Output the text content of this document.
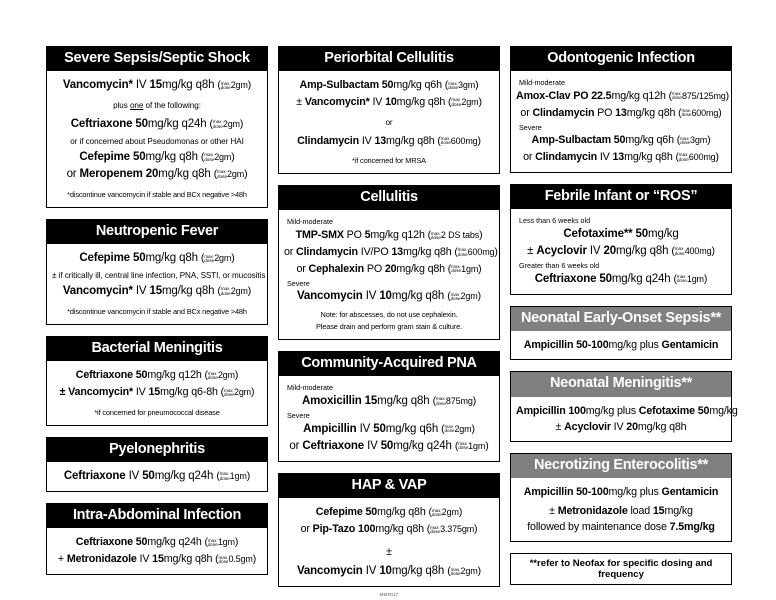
Severe Sepsis/Septic Shock
Vancomycin* IV 15mg/kg q8h ( max
dose 2gm)
plus one of the following:
Ceftriaxone 50mg/kg q24h ( max
dose 2gm)
or if concerned about Pseudomonas or other HAI
Cefepime 50mg/kg q8h ( max
dose 2gm)
or Meropenem 20mg/kg q8h ( max
dose 2gm)
*discontinue vancomycin if stable and BCx negative >48h
Neutropenic Fever
Cefepime 50mg/kg q8h ( max
dose 2gm)
± if critically ill, central line infection, PNA, SSTI, or mucositis
Vancomycin* IV 15mg/kg q8h ( max
dose 2gm)
*discontinue vancomycin if stable and BCx negative >48h
Bacterial Meningitis
Ceftriaxone 50mg/kg q12h ( max
dose 2gm)
± Vancomycin* IV 15mg/kg q6-8h ( max
dose 2gm)
*if concerned for pneumococcal disease
Pyelonephritis
Ceftriaxone IV 50mg/kg q24h ( max
dose 1gm)
Intra-Abdominal Infection
Ceftriaxone 50mg/kg q24h ( max
dose 1gm)
+ Metronidazole IV 15mg/kg q8h ( max
dose 0.5gm)
Periorbital Cellulitis
Amp-Sulbactam 50mg/kg q6h ( max
dose 3gm)
± Vancomycin* IV 10mg/kg q8h ( max
dose 2gm)
or
Clindamycin IV 13mg/kg q8h ( max
dose 600mg)
*if concerned for MRSA
Cellulitis
Mild-moderate
TMP-SMX PO 5mg/kg q12h ( max
dose 2 DS tabs)
or Clindamycin IV/PO 13mg/kg q8h ( max
dose 600mg)
or Cephalexin PO 20mg/kg q8h ( max
dose 1gm)
Severe
Vancomycin IV 10mg/kg q8h ( max
dose 2gm)
Note: for abscesses, do not use cephalexin.
Please drain and perform gram stain & culture.
Community-Acquired PNA
Mild-moderate
Amoxicillin 15mg/kg q8h ( max
dose 875mg)
Severe
Ampicillin IV 50mg/kg q6h ( max
dose 2gm)
or Ceftriaxone IV 50mg/kg q24h ( max
dose 1gm)
HAP & VAP
Cefepime 50mg/kg q8h ( max
dose 2gm)
or Pip-Tazo 100mg/kg q8h ( max
dose 3.375gm)
±
Vancomycin IV 10mg/kg q8h ( max
dose 2gm)
MM#017
Odontogenic Infection
Mild-moderate
Amox-Clav PO 22.5mg/kg q12h ( max
dose 875/125mg)
or Clindamycin PO 13mg/kg q8h ( max
dose 600mg)
Severe
Amp-Sulbactam 50mg/kg q6h ( max
dose 3gm)
or Clindamycin IV 13mg/kg q8h ( max
dose 600mg)
Febrile Infant or “ROS”
Less than 6 weeks old
Cefotaxime** 50mg/kg
± Acyclovir IV 20mg/kg q8h ( max
dose 400mg)
Greater than 6 weeks old
Ceftriaxone 50mg/kg q24h ( max
dose 1gm)
Neonatal Early-Onset Sepsis**
Ampicillin 50-100mg/kg plus Gentamicin
Neonatal Meningitis**
Ampicillin 100mg/kg plus Cefotaxime 50mg/kg
± Acyclovir IV 20mg/kg q8h
Necrotizing Enterocolitis**
Ampicillin 50-100mg/kg plus Gentamicin
± Metronidazole load 15mg/kg
followed by maintenance dose 7.5mg/kg
**refer to Neofax for specific dosing and frequency
